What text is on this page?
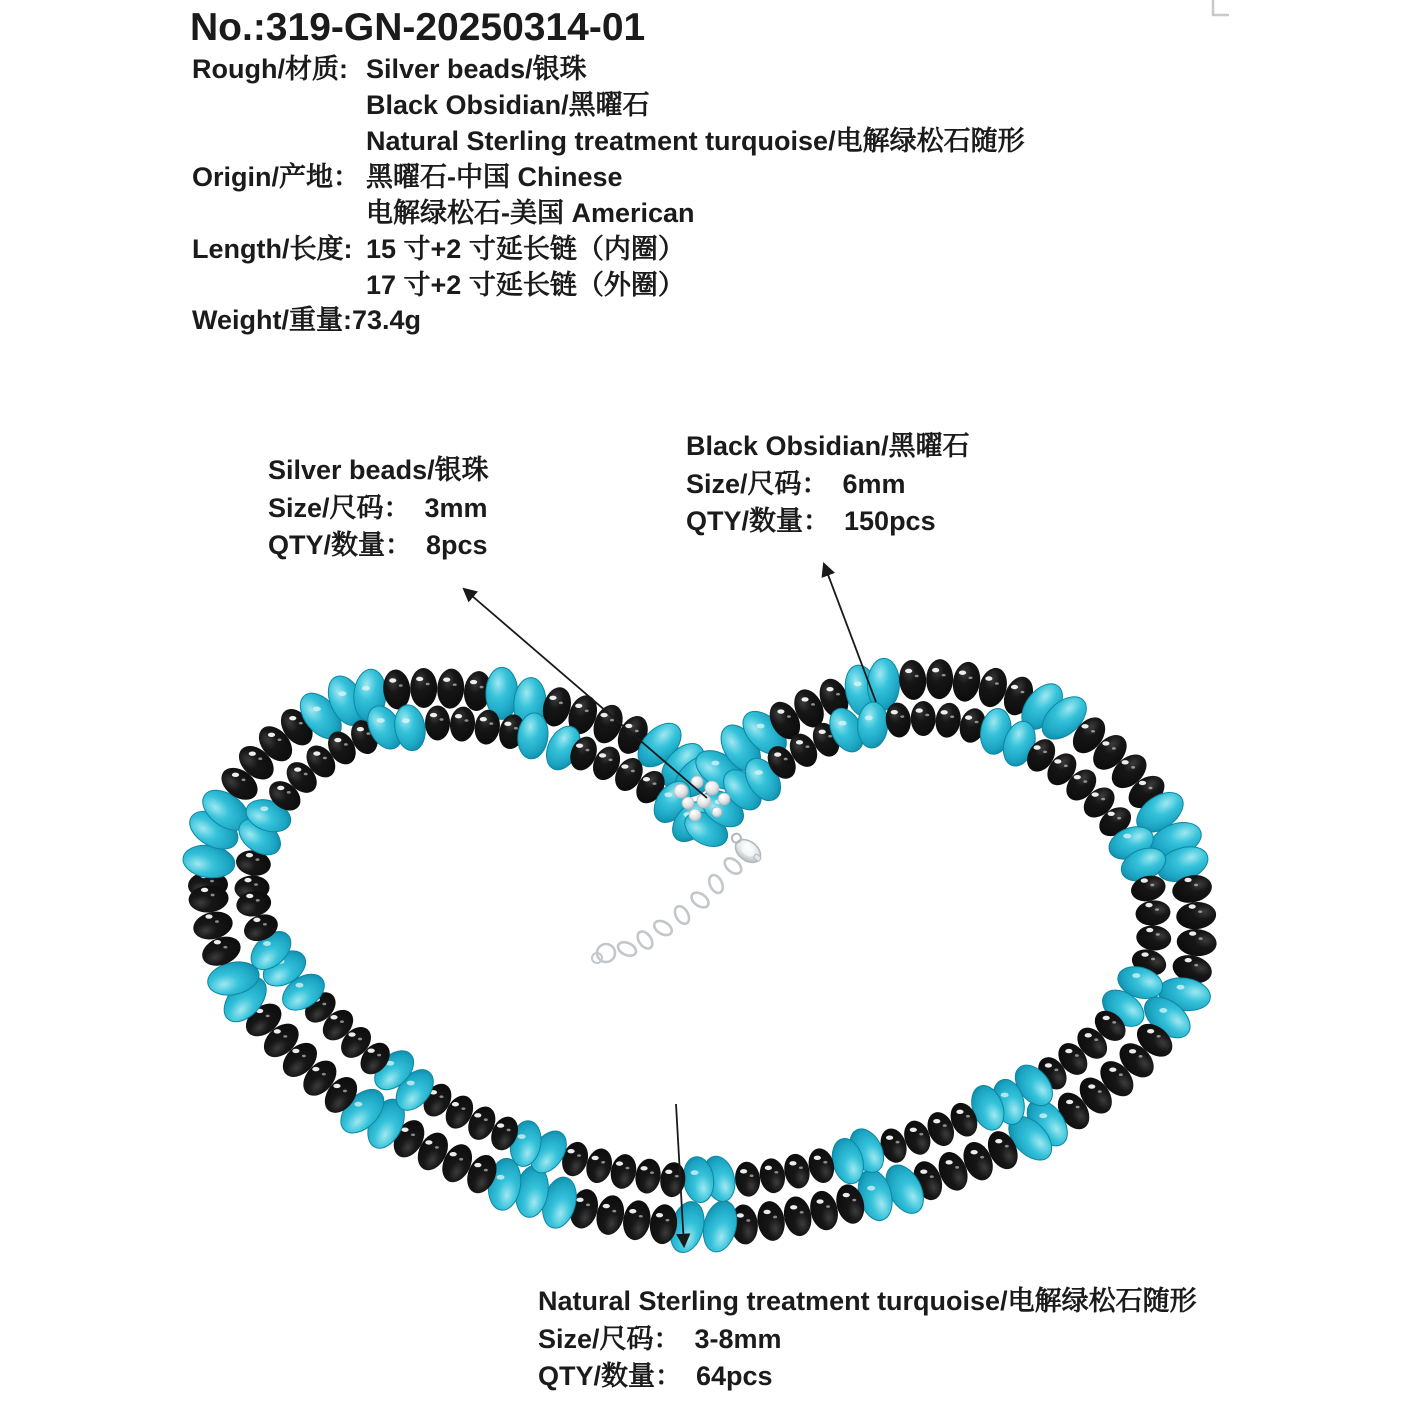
No.:319-GN-20250314-01
Rough/材质: Silver beads/银珠
Black Obsidian/黑曜石
Natural Sterling treatment turquoise/电解绿松石随形
Origin/产地： 黑曜石-中国 Chinese
电解绿松石-美国 American
Length/长度: 15 寸+2 寸延长链（内圈）
17 寸+2 寸延长链（外圈）
Weight/重量: 73.4g
Silver beads/银珠
Size/尺码： 3mm
QTY/数量： 8pcs
Black Obsidian/黑曜石
Size/尺码： 6mm
QTY/数量： 150pcs
Natural Sterling treatment turquoise/电解绿松石随形
Size/尺码： 3-8mm
QTY/数量： 64pcs
